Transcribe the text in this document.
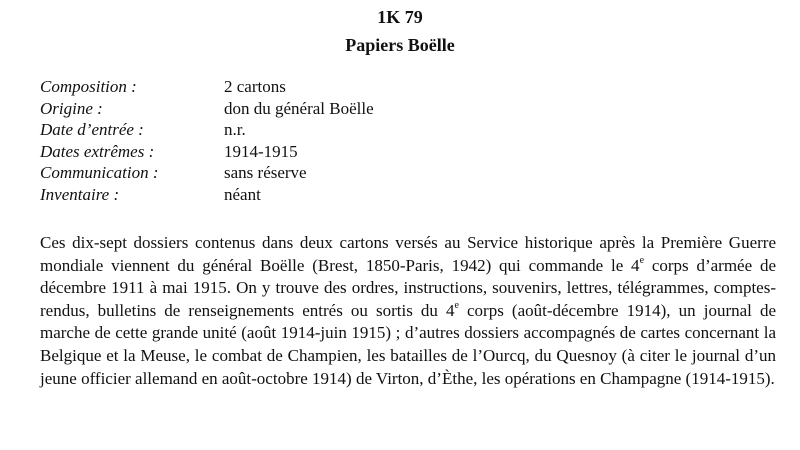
1K 79
Papiers Boëlle
Composition :	2 cartons
Origine :	don du général Boëlle
Date d’entrée :	n.r.
Dates extrêmes :	1914-1915
Communication :	sans réserve
Inventaire :	néant

Ces dix-sept dossiers contenus dans deux cartons versés au Service historique après la Première Guerre mondiale viennent du général Boëlle (Brest, 1850-Paris, 1942) qui commande le 4e corps d’armée de décembre 1911 à mai 1915. On y trouve des ordres, instructions, souvenirs, lettres, télégrammes, comptes-rendus, bulletins de renseignements entrés ou sortis du 4e corps (août-décembre 1914), un journal de marche de cette grande unité (août 1914-juin 1915) ; d’autres dossiers accompagnés de cartes concernant la Belgique et la Meuse, le combat de Champien, les batailles de l’Ourcq, du Quesnoy (à citer le journal d’un jeune officier allemand en août-octobre 1914) de Virton, d’Èthe, les opérations en Champagne (1914-1915).
